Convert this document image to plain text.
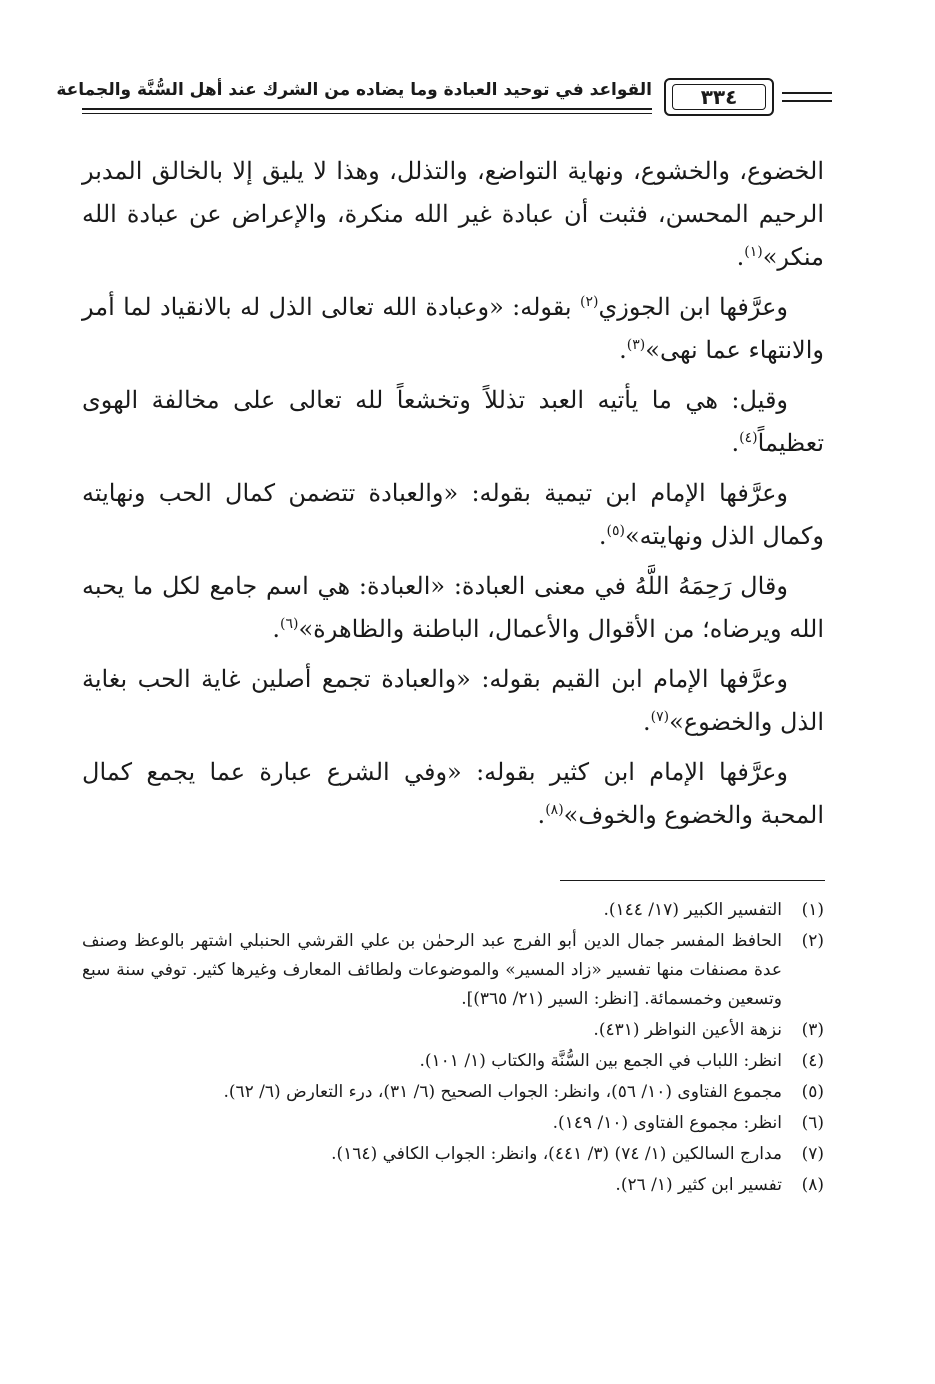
القواعد في توحيد العبادة وما يضاده من الشرك عند أهل السُّنَّة والجماعة	٣٣٤

الخضوع، والخشوع، ونهاية التواضع، والتذلل، وهذا لا يليق إلا بالخالق المدبر الرحيم المحسن، فثبت أن عبادة غير الله منكرة، والإعراض عن عبادة الله منكر»$^{(١)}$.

وعرَّفها ابن الجوزي$^{(٢)}$ بقوله: «وعبادة الله تعالى الذل له بالانقياد لما أمر والانتهاء عما نهى»$^{(٣)}$.

وقيل: هي ما يأتيه العبد تذللاً وتخشعاً لله تعالى على مخالفة الهوى تعظيماً$^{(٤)}$.

وعرَّفها الإمام ابن تيمية بقوله: «والعبادة تتضمن كمال الحب ونهايته وكمال الذل ونهايته»$^{(٥)}$.

وقال رَحِمَهُ اللَّهُ في معنى العبادة: «العبادة: هي اسم جامع لكل ما يحبه الله ويرضاه؛ من الأقوال والأعمال، الباطنة والظاهرة»$^{(٦)}$.

وعرَّفها الإمام ابن القيم بقوله: «والعبادة تجمع أصلين غاية الحب بغاية الذل والخضوع»$^{(٧)}$.

وعرَّفها الإمام ابن كثير بقوله: «وفي الشرع عبارة عما يجمع كمال المحبة والخضوع والخوف»$^{(٨)}$.

(١)
التفسير الكبير (١٧/ ١٤٤).
(٢)
الحافظ المفسر جمال الدين أبو الفرج عبد الرحمٰن بن علي القرشي الحنبلي اشتهر بالوعظ وصنف عدة مصنفات منها تفسير «زاد المسير» والموضوعات ولطائف المعارف وغيرها كثير. توفي سنة سبع وتسعين وخمسمائة. [انظر: السير (٢١/ ٣٦٥)].
(٣)
نزهة الأعين النواظر (٤٣١).
(٤)
انظر: اللباب في الجمع بين السُّنَّة والكتاب (١/ ١٠١).
(٥)
مجموع الفتاوى (١٠/ ٥٦)، وانظر: الجواب الصحيح (٦/ ٣١)، درء التعارض (٦/ ٦٢).
(٦)
انظر: مجموع الفتاوى (١٠/ ١٤٩).
(٧)
مدارج السالكين (١/ ٧٤) (٣/ ٤٤١)، وانظر: الجواب الكافي (١٦٤).
(٨)
تفسير ابن كثير (١/ ٢٦).
